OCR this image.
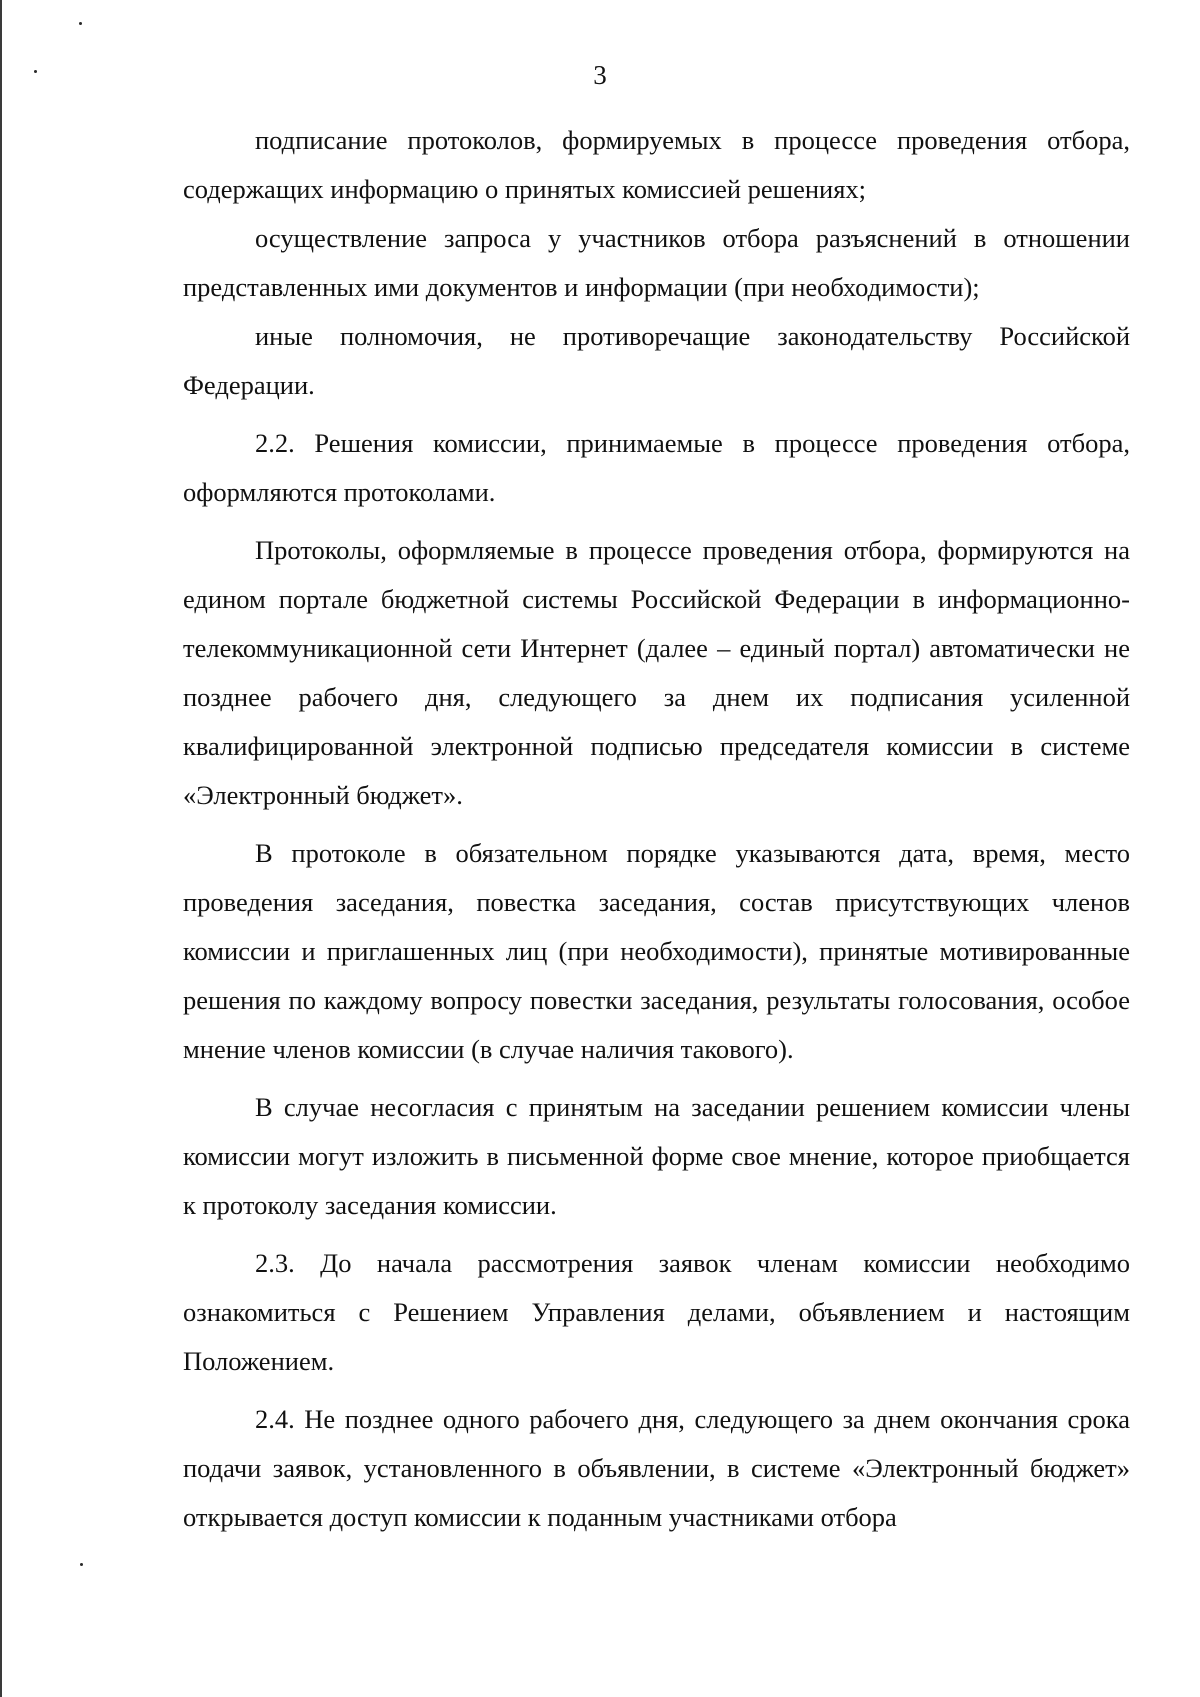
3

подписание протоколов, формируемых в процессе проведения отбора, содержащих информацию о принятых комиссией решениях;

осуществление запроса у участников отбора разъяснений в отношении представленных ими документов и информации (при необходимости);

иные полномочия, не противоречащие законодательству Российской Федерации.

2.2. Решения комиссии, принимаемые в процессе проведения отбора, оформляются протоколами.

Протоколы, оформляемые в процессе проведения отбора, формируются на едином портале бюджетной системы Российской Федерации в информационно-телекоммуникационной сети Интернет (далее – единый портал) автоматически не позднее рабочего дня, следующего за днем их подписания усиленной квалифицированной электронной подписью председателя комиссии в системе «Электронный бюджет».

В протоколе в обязательном порядке указываются дата, время, место проведения заседания, повестка заседания, состав присутствующих членов комиссии и приглашенных лиц (при необходимости), принятые мотивированные решения по каждому вопросу повестки заседания, результаты голосования, особое мнение членов комиссии (в случае наличия такового).

В случае несогласия с принятым на заседании решением комиссии члены комиссии могут изложить в письменной форме свое мнение, которое приобщается к протоколу заседания комиссии.

2.3. До начала рассмотрения заявок членам комиссии необходимо ознакомиться с Решением Управления делами, объявлением и настоящим Положением.

2.4. Не позднее одного рабочего дня, следующего за днем окончания срока подачи заявок, установленного в объявлении, в системе «Электронный бюджет» открывается доступ комиссии к поданным участниками отбора
